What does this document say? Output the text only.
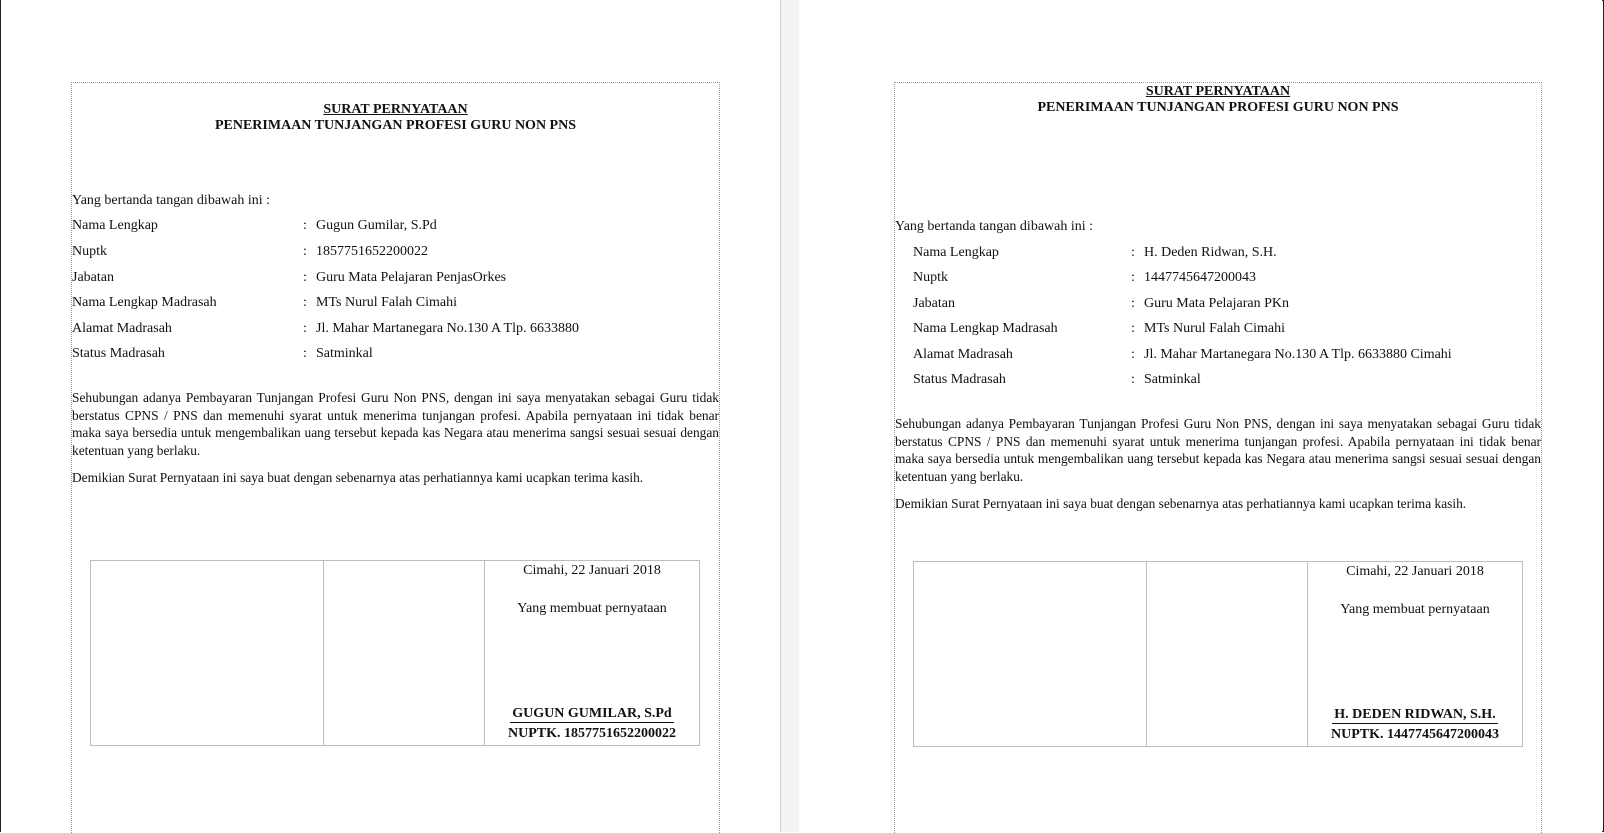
SURAT PERNYATAAN
PENERIMAAN TUNJANGAN PROFESI GURU NON PNS
Yang bertanda tangan dibawah ini :
Nama Lengkap	: Gugun Gumilar, S.Pd
Nuptk	: 1857751652200022
Jabatan	: Guru Mata Pelajaran PenjasOrkes
Nama Lengkap Madrasah	: MTs Nurul Falah Cimahi
Alamat Madrasah	: Jl. Mahar Martanegara No.130 A Tlp. 6633880
Status Madrasah	: Satminkal
Sehubungan adanya Pembayaran Tunjangan Profesi Guru Non PNS, dengan ini saya menyatakan sebagai Guru tidak berstatus CPNS / PNS dan memenuhi syarat untuk menerima tunjangan profesi. Apabila pernyataan ini tidak benar maka saya bersedia untuk mengembalikan uang tersebut kepada kas Negara atau menerima sangsi sesuai sesuai dengan ketentuan yang berlaku.
Demikian Surat Pernyataan ini saya buat dengan sebenarnya atas perhatiannya kami ucapkan terima kasih.

Cimahi, 22 Januari 2018
Yang membuat pernyataan
GUGUN GUMILAR, S.Pd
NUPTK. 1857751652200022
SURAT PERNYATAAN
PENERIMAAN TUNJANGAN PROFESI GURU NON PNS
Yang bertanda tangan dibawah ini :
Nama Lengkap	: H. Deden Ridwan, S.H.
Nuptk	: 1447745647200043
Jabatan	: Guru Mata Pelajaran PKn
Nama Lengkap Madrasah	: MTs Nurul Falah Cimahi
Alamat Madrasah	: Jl. Mahar Martanegara No.130 A Tlp. 6633880 Cimahi
Status Madrasah	: Satminkal
Sehubungan adanya Pembayaran Tunjangan Profesi Guru Non PNS, dengan ini saya menyatakan sebagai Guru tidak berstatus CPNS / PNS dan memenuhi syarat untuk menerima tunjangan profesi. Apabila pernyataan ini tidak benar maka saya bersedia untuk mengembalikan uang tersebut kepada kas Negara atau menerima sangsi sesuai sesuai dengan ketentuan yang berlaku.
Demikian Surat Pernyataan ini saya buat dengan sebenarnya atas perhatiannya kami ucapkan terima kasih.

Cimahi, 22 Januari 2018
Yang membuat pernyataan
H. DEDEN RIDWAN, S.H.
NUPTK. 1447745647200043
